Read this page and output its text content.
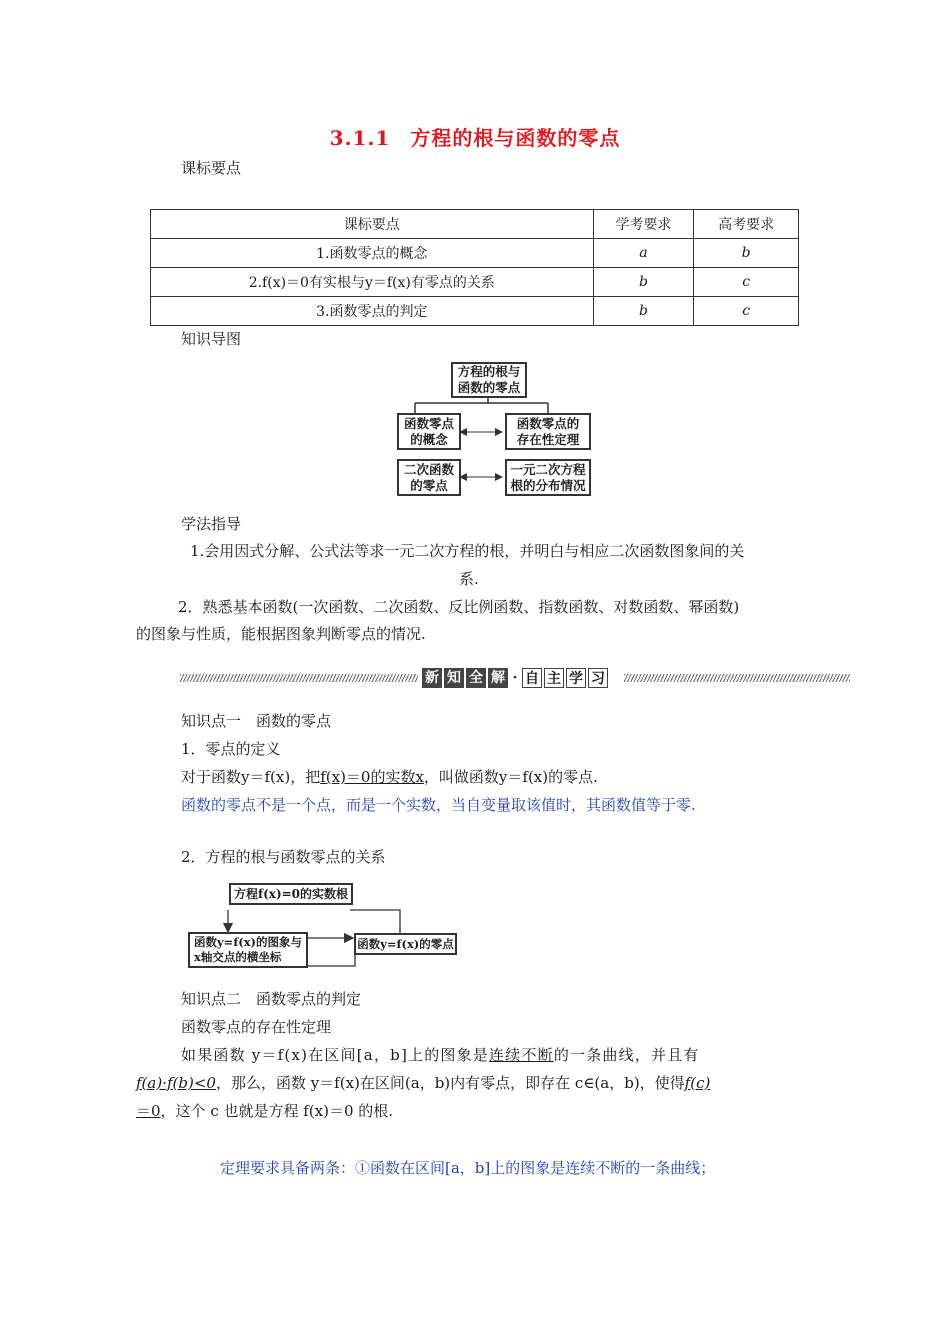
3.1.1 方程的根与函数的零点
课标要点
课标要点	学考要求	高考要求
1.函数零点的概念	a	b
2.f(x)＝0有实根与y＝f(x)有零点的关系	b	c
3.函数零点的判定	b	c
知识导图
方程的根与
函数的零点
函数零点
的概念
函数零点的
存在性定理
二次函数
的零点
一元二次方程
根的分布情况
学法指导
1.会用因式分解、公式法等求一元二次方程的根，并明白与相应二次函数图象间的关
系.
2．熟悉基本函数(一次函数、二次函数、反比例函数、指数函数、对数函数、幂函数)
的图象与性质，能根据图象判断零点的情况.
新 知 全 解 · 自 主 学 习
知识点一　函数的零点
1．零点的定义
对于函数y＝f(x)，把f(x)＝0的实数x，叫做函数y＝f(x)的零点.
函数的零点不是一个点，而是一个实数，当自变量取该值时，其函数值等于零.
2．方程的根与函数零点的关系
方程f(x)=0的实数根
函数y=f(x)的图象与
x轴交点的横坐标
函数y=f(x)的零点
知识点二　函数零点的判定
函数零点的存在性定理
如果函数 y＝f(x)在区间[a，b]上的图象是连续不断的一条曲线，并且有
f(a)·f(b)<0，那么，函数 y＝f(x)在区间(a，b)内有零点，即存在 c∈(a，b)，使得f(c)
＝0，这个 c 也就是方程 f(x)＝0 的根.
定理要求具备两条：①函数在区间[a，b]上的图象是连续不断的一条曲线；
